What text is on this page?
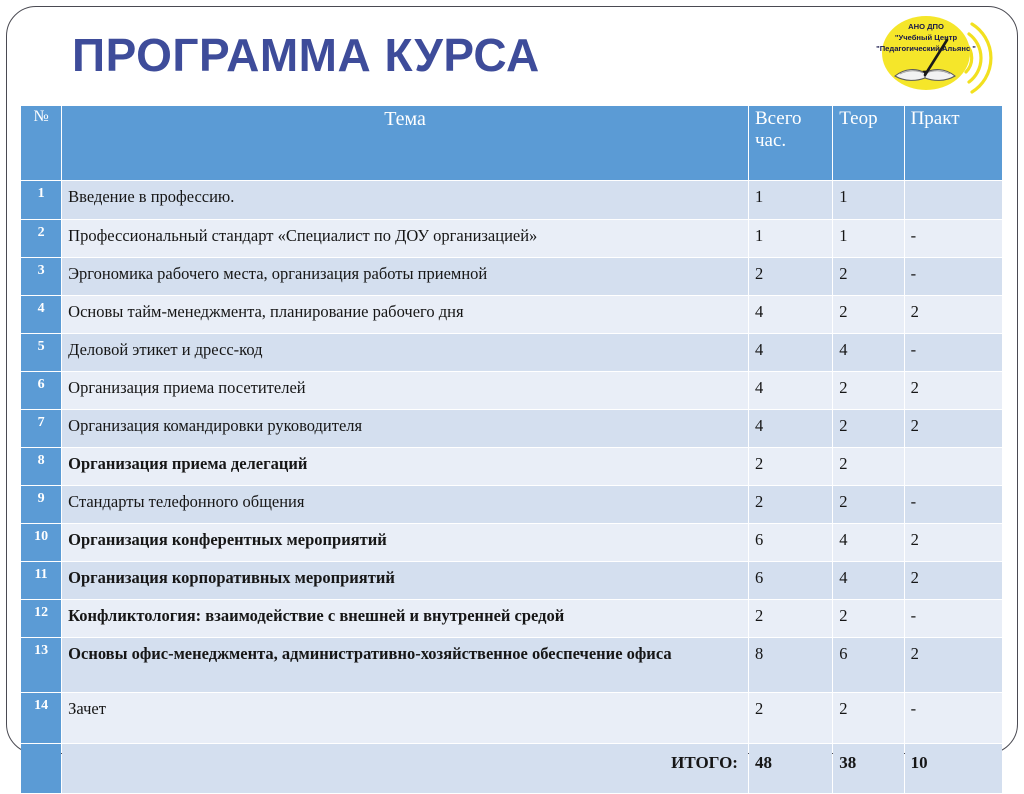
ПРОГРАММА КУРСА
АНО ДПО
"Учебный Центр
"Педагогический Альянс "
№	Тема	Всего час.	Теор	Практ
1	Введение в профессию.	1	1	
2	Профессиональный стандарт «Специалист по ДОУ организацией»	1	1	-
3	Эргономика рабочего места, организация работы приемной	2	2	-
4	Основы тайм-менеджмента, планирование рабочего дня	4	2	2
5	Деловой этикет и дресс-код	4	4	-
6	Организация приема посетителей	4	2	2
7	Организация командировки руководителя	4	2	2
8	Организация приема делегаций	2	2	
9	Стандарты телефонного общения	2	2	-
10	Организация конферентных мероприятий	6	4	2
11	Организация корпоративных мероприятий	6	4	2
12	Конфликтология: взаимодействие с внешней и внутренней средой	2	2	-
13	Основы офис-менеджмента, административно-хозяйственное обеспечение офиса	8	6	2
14	Зачет	2	2	-
	ИТОГО:	48	38	10
